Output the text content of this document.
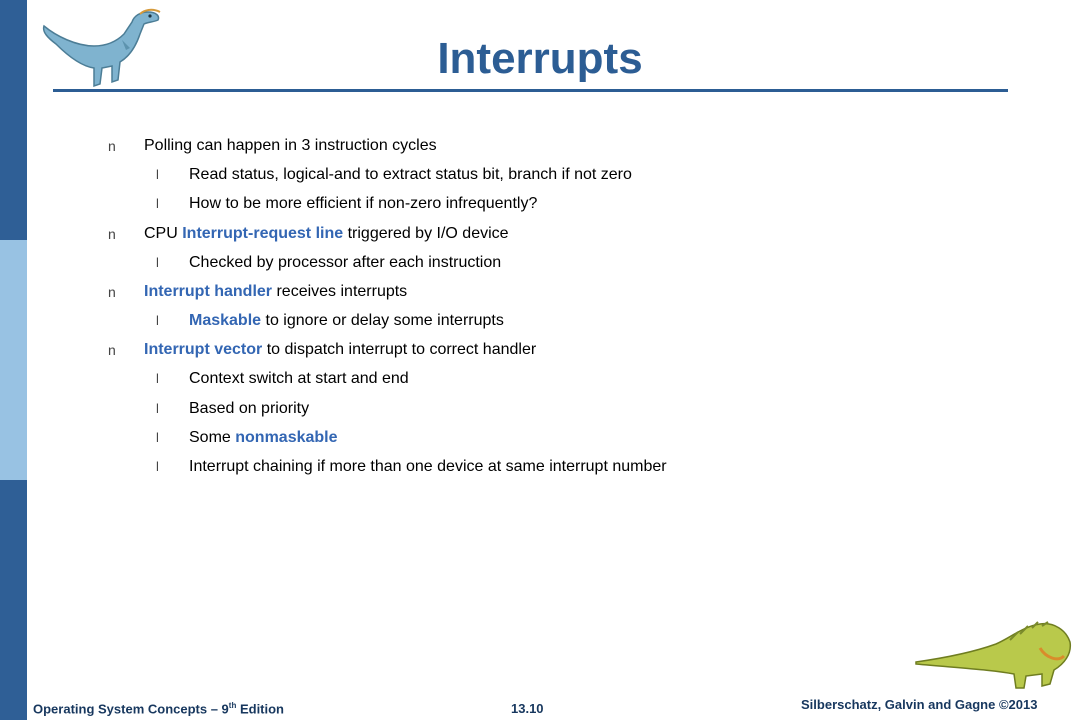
Interrupts
n Polling can happen in 3 instruction cycles
l Read status, logical-and to extract status bit, branch if not zero
l How to be more efficient if non-zero infrequently?
n CPU Interrupt-request line triggered by I/O device
l Checked by processor after each instruction
n Interrupt handler receives interrupts
l Maskable to ignore or delay some interrupts
n Interrupt vector to dispatch interrupt to correct handler
l Context switch at start and end
l Based on priority
l Some nonmaskable
l Interrupt chaining if more than one device at same interrupt number
Operating System Concepts – 9th Edition	13.10	Silberschatz, Galvin and Gagne ©2013
